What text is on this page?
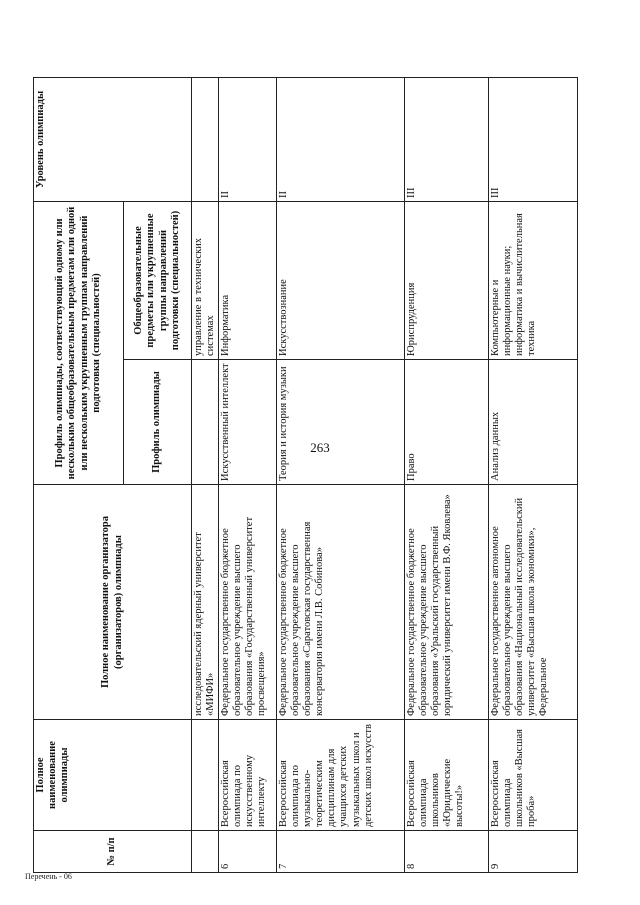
263
№ п/п	Полное наименование олимпиады	Полное наименование организатора (организаторов) олимпиады	Профиль олимпиады, соответствующий одному или нескольким общеобразовательным предметам или одной или нескольким укрупненным группам направлений подготовки (специальностей)		Уровень олимпиады
			Профиль олимпиады	Общеобразовательные предметы или укрупненные группы направлений подготовки (специальностей)	
		исследовательский ядерный университет «МИФИ»		управление в технических системах	
6	Всероссийская олимпиада по искусственному интеллекту	Федеральное государственное бюджетное образовательное учреждение высшего образования «Государственный университет просвещения»	Искусственный интеллект	Информатика	II
7	Всероссийская олимпиада по музыкально-теоретическим дисциплинам для учащихся детских музыкальных школ и детских школ искусств	Федеральное государственное бюджетное образовательное учреждение высшего образования «Саратовская государственная консерватория имени Л.В. Собинова»	Теория и история музыки	Искусствознание	II
8	Всероссийская олимпиада школьников «Юридические высоты!»	Федеральное государственное бюджетное образовательное учреждение высшего образования «Уральский государственный юридический университет имени В.Ф. Яковлева»	Право	Юриспруденция	III
9	Всероссийская олимпиада школьников «Высшая проба»	Федеральное государственное автономное образовательное учреждение высшего образования «Национальный исследовательский университет «Высшая школа экономики», Федеральное	Анализ данных	Компьютерные и информационные науки; информатика и вычислительная техника	III
Перечень - 06
